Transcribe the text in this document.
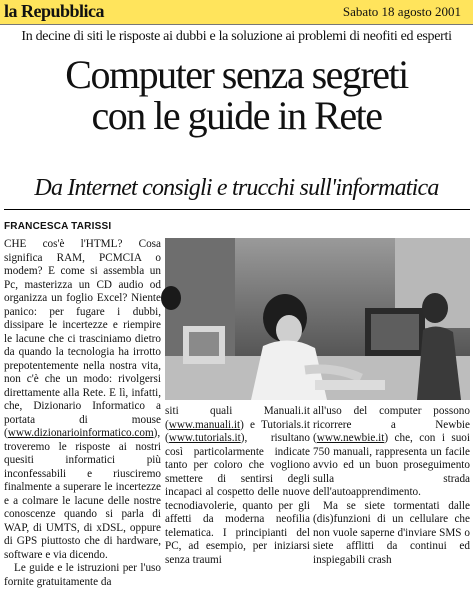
la Repubblica	Sabato 18 agosto 2001
In decine di siti le risposte ai dubbi e la soluzione ai problemi di neofiti ed esperti
Computer senza segreti
con le guide in Rete
Da Internet consigli e trucchi sull'informatica
FRANCESCA TARISSI

CHE cos'è l'HTML? Cosa significa RAM, PCMCIA o modem? E come si assembla un Pc, masterizza un CD audio od organizza un foglio Excel? Niente panico: per fugare i dubbi, dissipare le incertezze e riempire le lacune che ci trasciniamo dietro da quando la tecnologia ha irrotto prepotentemente nella nostra vita, non c'è che un modo: rivolgersi direttamente alla Rete. E lì, infatti, che, Dizionario Informatico a portata di mouse (www.dizionarioinformatico.com), troveremo le risposte ai nostri quesiti informatici più inconfessabili e riusciremo finalmente a superare le incertezze e a colmare le lacune delle nostre conoscenze quando si parla di WAP, di UMTS, di xDSL, oppure di GPS piuttosto che di hardware, software e via dicendo.

Le guide e le istruzioni per l'uso fornite gratuitamente da

siti quali Manuali.it (www.manuali.it) e Tutorials.it (www.tutorials.it), risultano così particolarmente indicate tanto per coloro che vogliono smettere di sentirsi degli incapaci al cospetto delle nuove tecnodiavolerie, quanto per gli affetti da moderna neofilia telematica. I principianti del PC, ad esempio, per iniziarsi senza traumi

all'uso del computer possono ricorrere a Newbie (www.newbie.it) che, con i suoi 750 manuali, rappresenta un facile avvio ed un buon proseguimento sulla strada dell'autoapprendimento.

Ma se siete tormentati dalle (dis)funzioni di un cellulare che non vuole saperne d'inviare SMS o siete afflitti da continui ed inspiegabili crash
